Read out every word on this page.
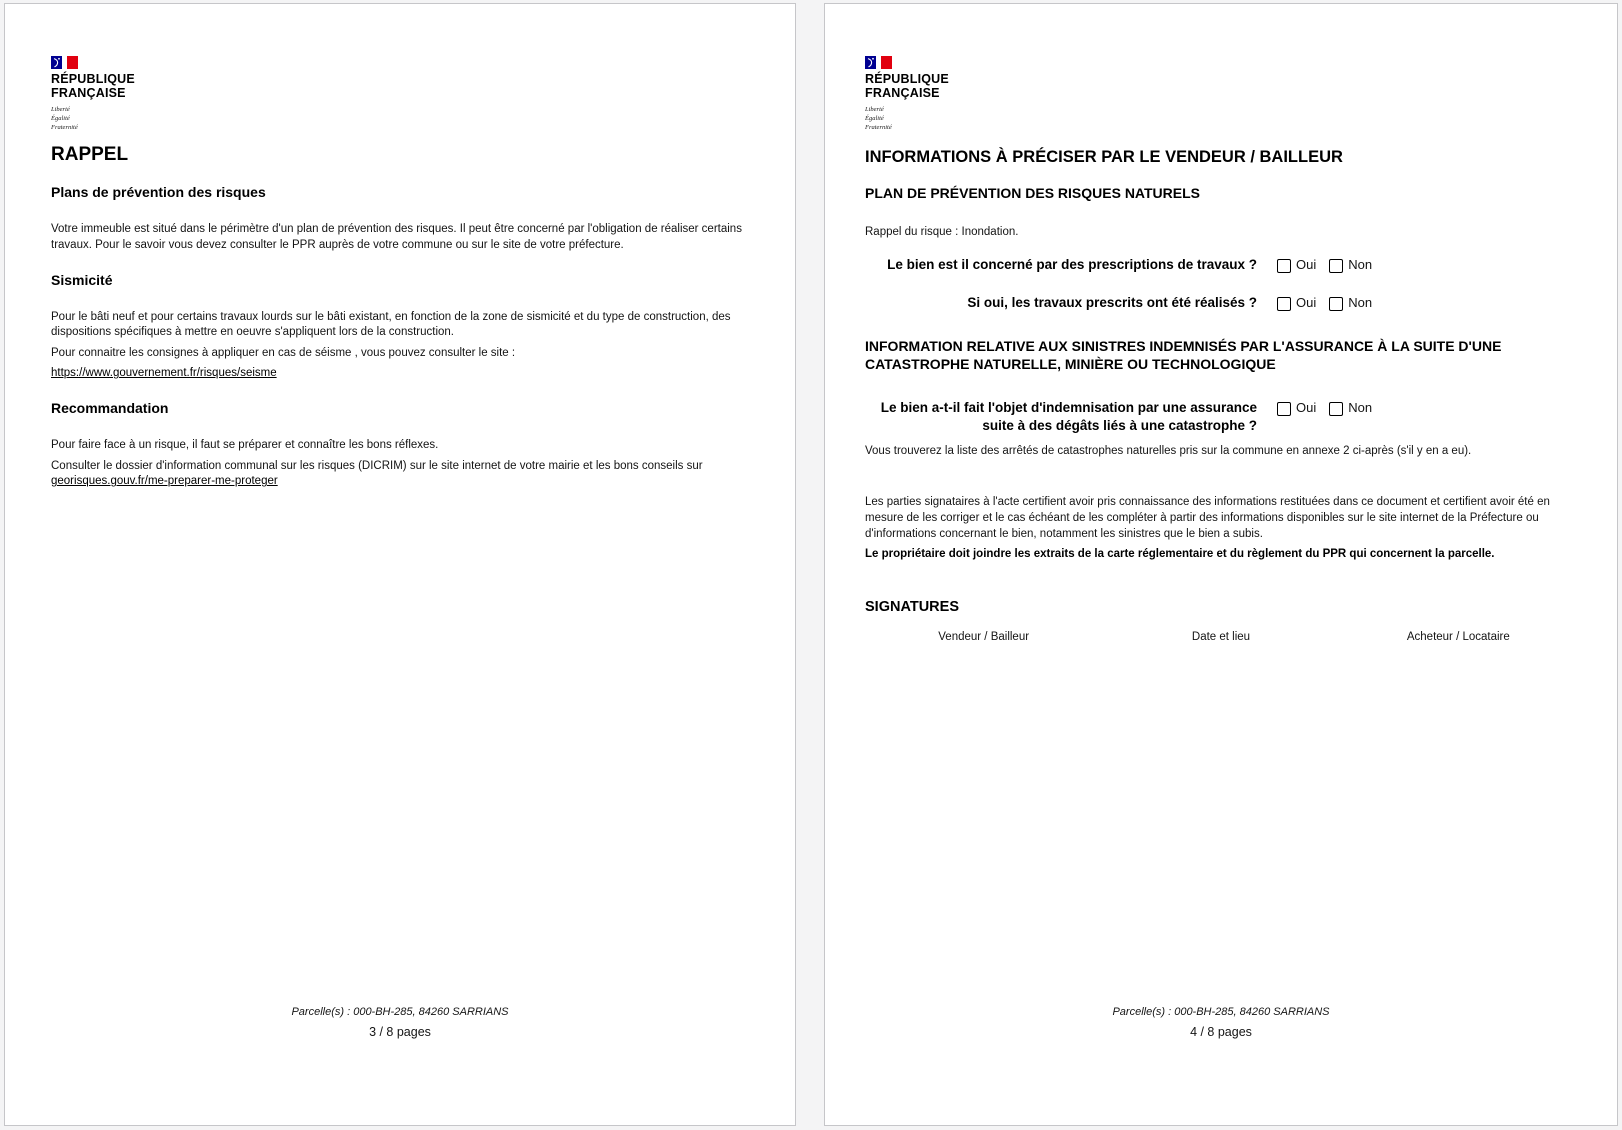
RÉPUBLIQUE
FRANÇAISE
Liberté
Égalité
Fraternité
RAPPEL
Plans de prévention des risques

Votre immeuble est situé dans le périmètre d'un plan de prévention des risques. Il peut être concerné par l'obligation de réaliser certains travaux. Pour le savoir vous devez consulter le PPR auprès de votre commune ou sur le site de votre préfecture.

Sismicité

Pour le bâti neuf et pour certains travaux lourds sur le bâti existant, en fonction de la zone de sismicité et du type de construction, des dispositions spécifiques à mettre en oeuvre s'appliquent lors de la construction.

Pour connaitre les consignes à appliquer en cas de séisme , vous pouvez consulter le site :

https://www.gouvernement.fr/risques/seisme

Recommandation

Pour faire face à un risque, il faut se préparer et connaître les bons réflexes.

Consulter le dossier d'information communal sur les risques (DICRIM) sur le site internet de votre mairie et les bons conseils sur georisques.gouv.fr/me-preparer-me-proteger

Parcelle(s) : 000-BH-285, 84260 SARRIANS
3 / 8 pages
RÉPUBLIQUE
FRANÇAISE
Liberté
Égalité
Fraternité
INFORMATIONS À PRÉCISER PAR LE VENDEUR / BAILLEUR
PLAN DE PRÉVENTION DES RISQUES NATURELS

Rappel du risque : Inondation.

Le bien est il concerné par des prescriptions de travaux ?	Oui Non
Si oui, les travaux prescrits ont été réalisés ?	Oui Non
INFORMATION RELATIVE AUX SINISTRES INDEMNISÉS PAR L'ASSURANCE À LA SUITE D'UNE CATASTROPHE NATURELLE, MINIÈRE OU TECHNOLOGIQUE
Le bien a-t-il fait l'objet d'indemnisation par une assurance suite à des dégâts liés à une catastrophe ?
Oui Non

Vous trouverez la liste des arrêtés de catastrophes naturelles pris sur la commune en annexe 2 ci-après (s'il y en a eu).

Les parties signataires à l'acte certifient avoir pris connaissance des informations restituées dans ce document et certifient avoir été en mesure de les corriger et le cas échéant de les compléter à partir des informations disponibles sur le site internet de la Préfecture ou d'informations concernant le bien, notamment les sinistres que le bien a subis.

Le propriétaire doit joindre les extraits de la carte réglementaire et du règlement du PPR qui concernent la parcelle.

SIGNATURES
Vendeur / Bailleur	Date et lieu	Acheteur / Locataire
Parcelle(s) : 000-BH-285, 84260 SARRIANS
4 / 8 pages
